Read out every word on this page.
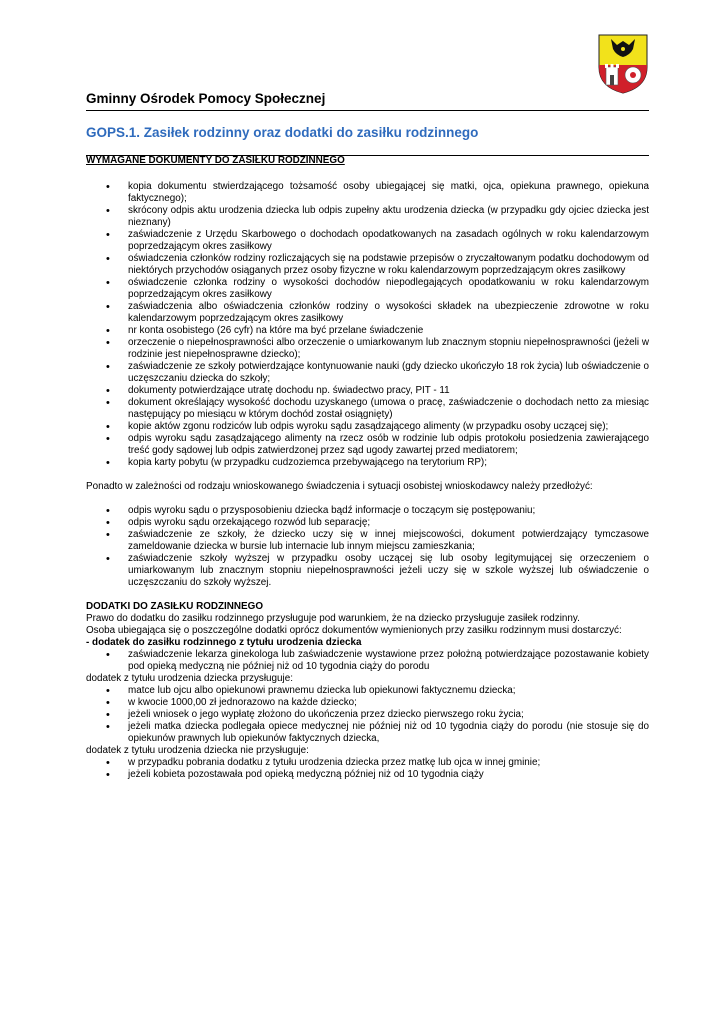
Gminny Ośrodek Pomocy Społecznej
GOPS.1. Zasiłek rodzinny oraz dodatki do zasiłku rodzinnego

WYMAGANE DOKUMENTY DO ZASIŁKU RODZINNEGO

• kopia dokumentu stwierdzającego tożsamość osoby ubiegającej się matki, ojca, opiekuna prawnego, opiekuna faktycznego);
• skrócony odpis aktu urodzenia dziecka lub odpis zupełny aktu urodzenia dziecka (w przypadku gdy ojciec dziecka jest nieznany)
• zaświadczenie z Urzędu Skarbowego o dochodach opodatkowanych na zasadach ogólnych w roku kalendarzowym poprzedzającym okres zasiłkowy
• oświadczenia członków rodziny rozliczających się na podstawie przepisów o zryczałtowanym podatku dochodowym od niektórych przychodów osiąganych przez osoby fizyczne w roku kalendarzowym poprzedzającym okres zasiłkowy
• oświadczenie członka rodziny o wysokości dochodów niepodlegających opodatkowaniu w roku kalendarzowym poprzedzającym okres zasiłkowy
• zaświadczenia albo oświadczenia członków rodziny o wysokości składek na ubezpieczenie zdrowotne w roku kalendarzowym poprzedzającym okres zasiłkowy
• nr konta osobistego (26 cyfr) na które ma być przelane świadczenie
• orzeczenie o niepełnosprawności albo orzeczenie o umiarkowanym lub znacznym stopniu niepełnosprawności (jeżeli w rodzinie jest niepełnosprawne dziecko);
• zaświadczenie ze szkoły potwierdzające kontynuowanie nauki (gdy dziecko ukończyło 18 rok życia) lub oświadczenie o uczęszczaniu dziecka do szkoły;
• dokumenty potwierdzające utratę dochodu np. świadectwo pracy, PIT - 11
• dokument określający wysokość dochodu uzyskanego (umowa o pracę, zaświadczenie o dochodach netto za miesiąc następujący po miesiącu w którym dochód został osiągnięty)
• kopie aktów zgonu rodziców lub odpis wyroku sądu zasądzającego alimenty (w przypadku osoby uczącej się);
• odpis wyroku sądu zasądzającego alimenty na rzecz osób w rodzinie lub odpis protokołu posiedzenia zawierającego treść gody sądowej lub odpis zatwierdzonej przez sąd ugody zawartej przed mediatorem;
• kopia karty pobytu (w przypadku cudzoziemca przebywającego na terytorium RP);

Ponadto w zależności od rodzaju wnioskowanego świadczenia i sytuacji osobistej wnioskodawcy należy przedłożyć:

• odpis wyroku sądu o przysposobieniu dziecka bądź informacje o toczącym się postępowaniu;
• odpis wyroku sądu orzekającego rozwód lub separację;
• zaświadczenie ze szkoły, że dziecko uczy się w innej miejscowości, dokument potwierdzający tymczasowe zameldowanie dziecka w bursie lub internacie lub innym miejscu zamieszkania;
• zaświadczenie szkoły wyższej w przypadku osoby uczącej się lub osoby legitymującej się orzeczeniem o umiarkowanym lub znacznym stopniu niepełnosprawności jeżeli uczy się w szkole wyższej lub oświadczenie o uczęszczaniu do szkoły wyższej.

DODATKI DO ZASIŁKU RODZINNEGO

Prawo do dodatku do zasiłku rodzinnego przysługuje pod warunkiem, że na dziecko przysługuje zasiłek rodzinny.

Osoba ubiegająca się o poszczególne dodatki oprócz dokumentów wymienionych przy zasiłku rodzinnym musi dostarczyć:

- dodatek do zasiłku rodzinnego z tytułu urodzenia dziecka

• zaświadczenie lekarza ginekologa lub zaświadczenie wystawione przez położną potwierdzające pozostawanie kobiety pod opieką medyczną nie później niż od 10 tygodnia ciąży do porodu

dodatek z tytułu urodzenia dziecka przysługuje:

• matce lub ojcu albo opiekunowi prawnemu dziecka lub opiekunowi faktycznemu dziecka;
• w kwocie 1000,00 zł jednorazowo na każde dziecko;
• jeżeli wniosek o jego wypłatę złożono do ukończenia przez dziecko pierwszego roku życia;
• jeżeli matka dziecka podlegała opiece medycznej nie później niż od 10 tygodnia ciąży do porodu (nie stosuje się do opiekunów prawnych lub opiekunów faktycznych dziecka,

dodatek z tytułu urodzenia dziecka nie przysługuje:

• w przypadku pobrania dodatku z tytułu urodzenia dziecka przez matkę lub ojca w innej gminie;
• jeżeli kobieta pozostawała pod opieką medyczną później niż od 10 tygodnia ciąży
